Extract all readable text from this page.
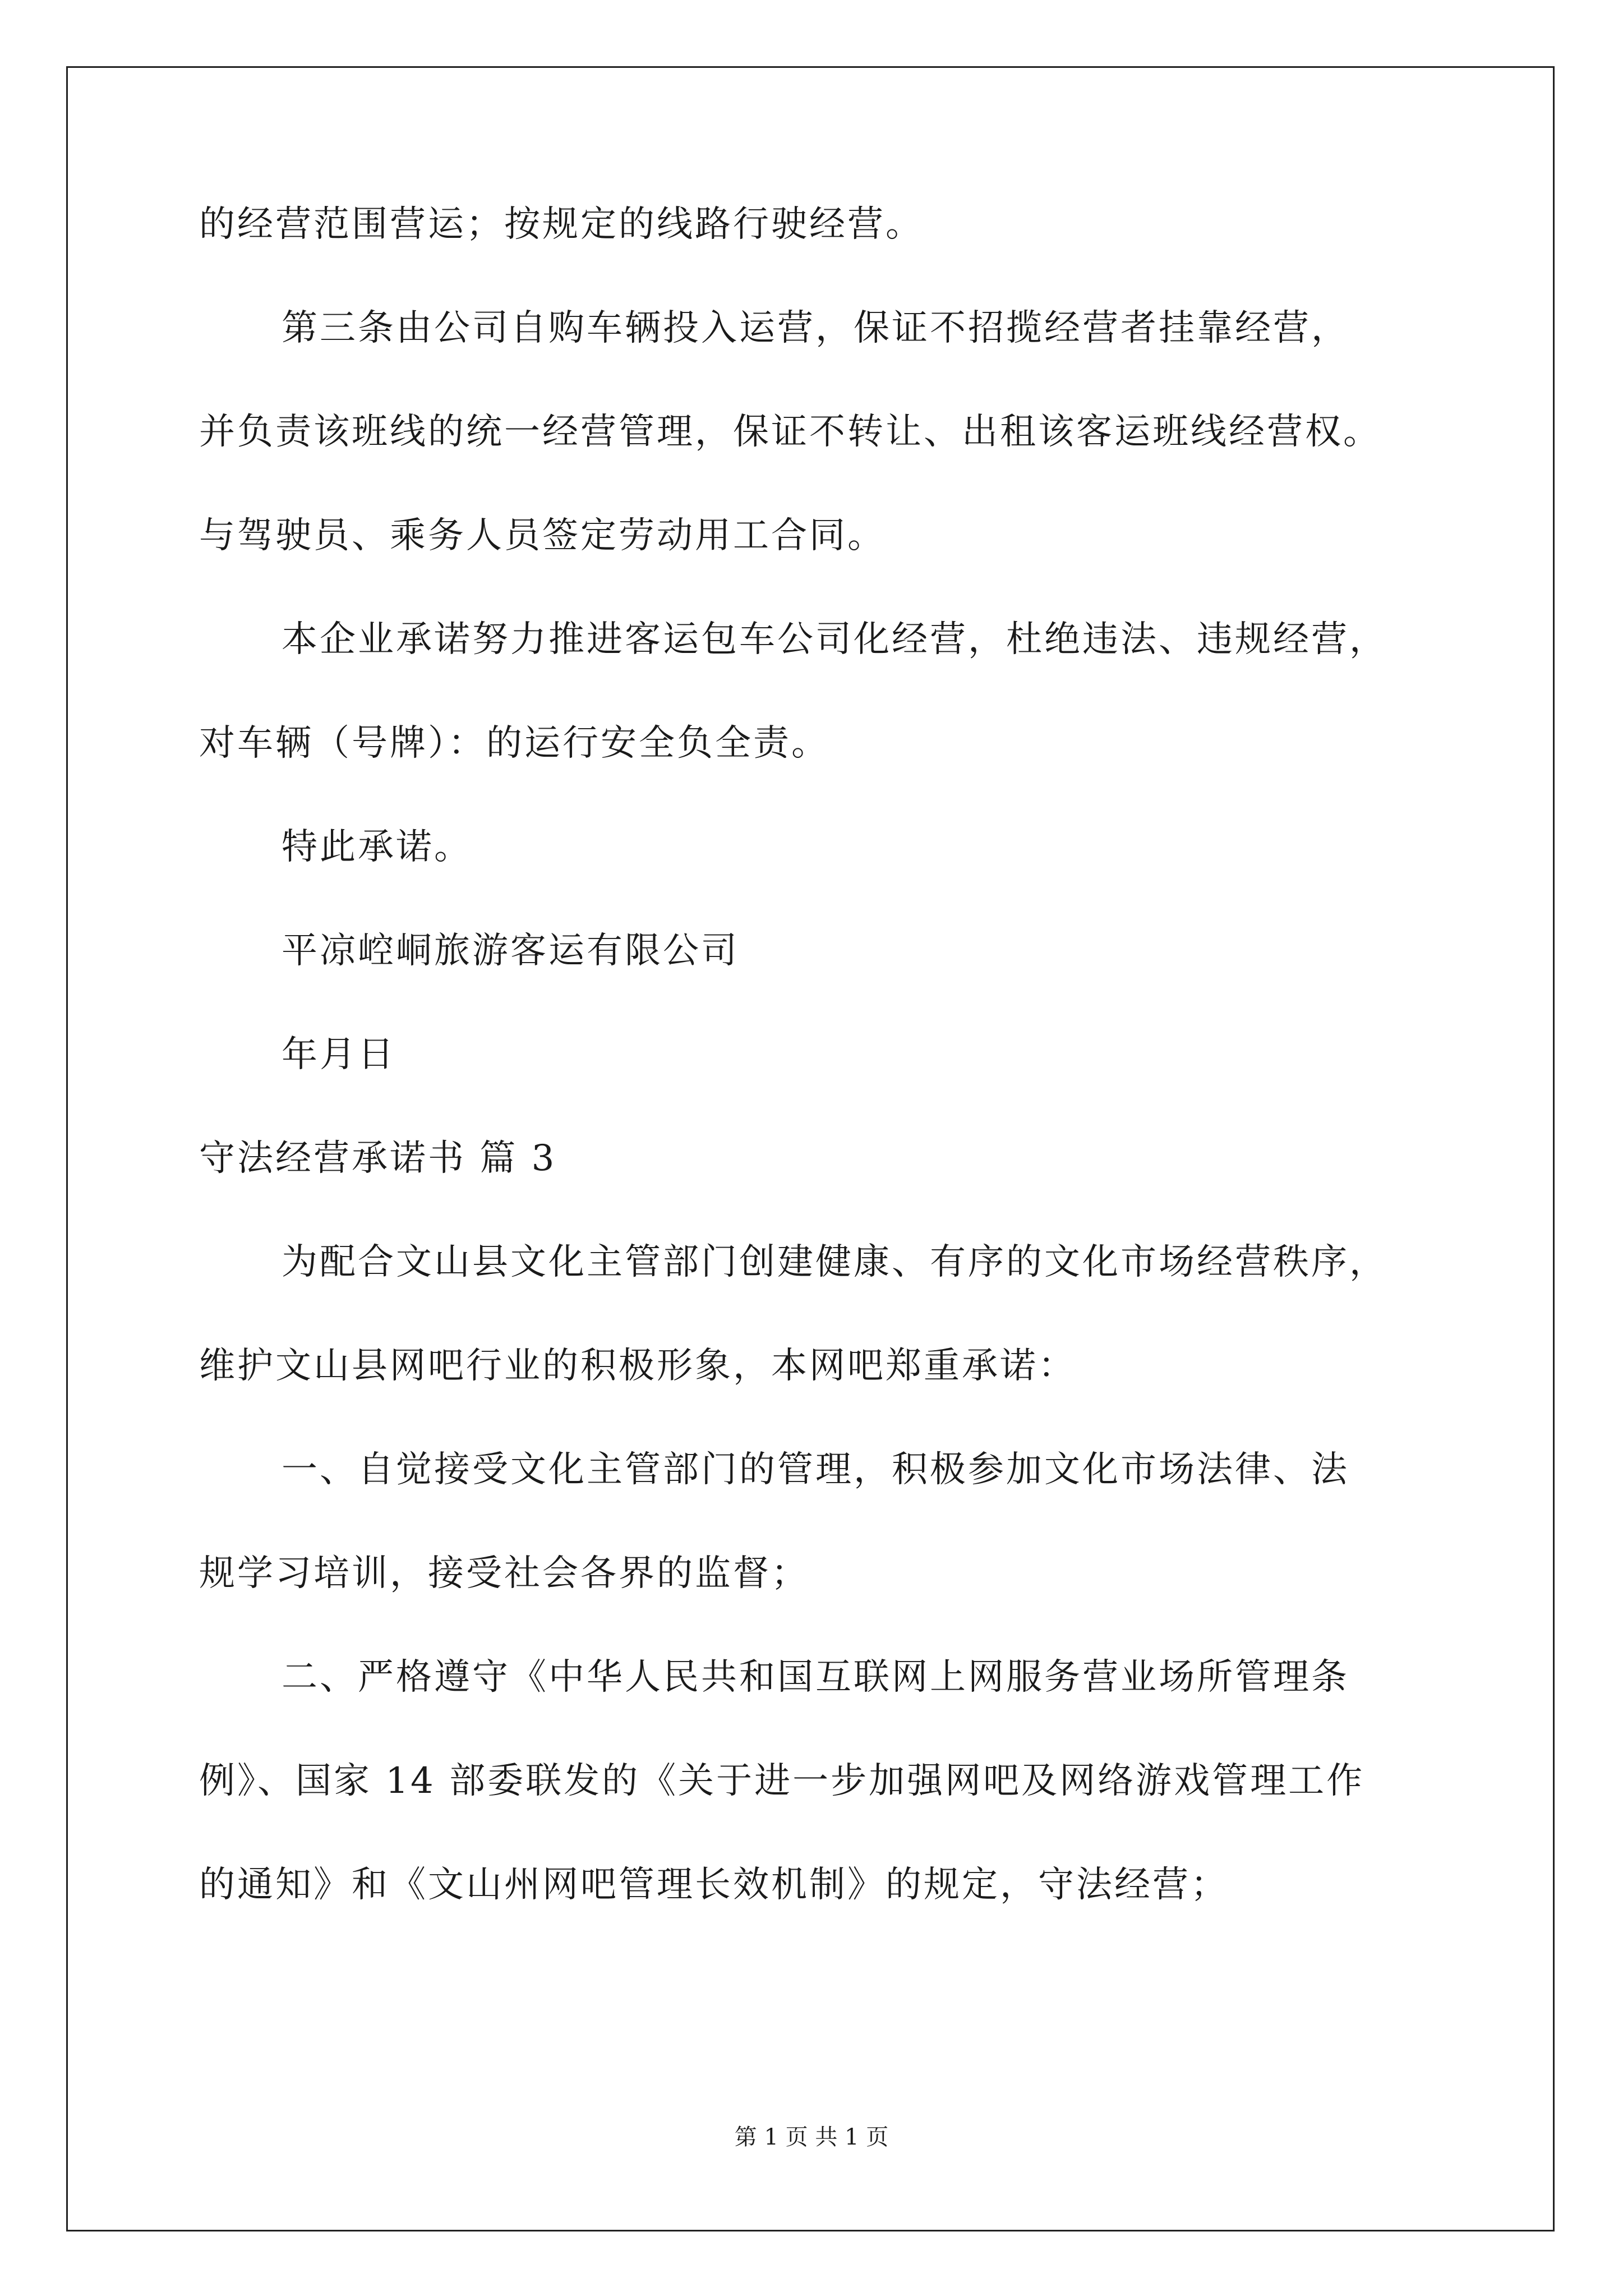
的经营范围营运；按规定的线路行驶经营。
第三条由公司自购车辆投入运营，保证不招揽经营者挂靠经营，
并负责该班线的统一经营管理，保证不转让、出租该客运班线经营权。
与驾驶员、乘务人员签定劳动用工合同。
本企业承诺努力推进客运包车公司化经营，杜绝违法、违规经营，
对车辆（号牌）：的运行安全负全责。
特此承诺。
平凉崆峒旅游客运有限公司
年月日
守法经营承诺书 篇 3
为配合文山县文化主管部门创建健康、有序的文化市场经营秩序，
维护文山县网吧行业的积极形象，本网吧郑重承诺：
一、自觉接受文化主管部门的管理，积极参加文化市场法律、法
规学习培训，接受社会各界的监督；
二、严格遵守《中华人民共和国互联网上网服务营业场所管理条
例》、国家 14 部委联发的《关于进一步加强网吧及网络游戏管理工作
的通知》和《文山州网吧管理长效机制》的规定，守法经营；
第 1 页 共 1 页
